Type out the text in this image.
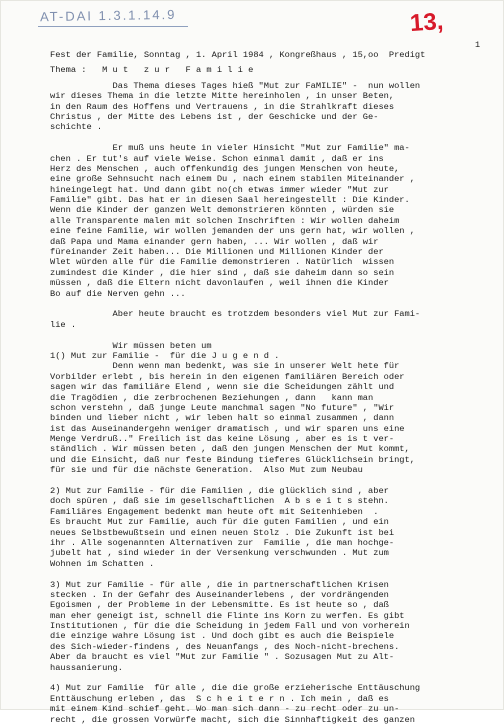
AT-DAI 1.3.1.14.9	13,
1
Fest der Familie, Sonntag , 1. April 1984 , Kongreßhaus , 15,oo  Predigt
Thema :   M u t   z u r   F a m i l i e
Das Thema dieses Tages hieß "Mut zur FaMILIE" -  nun wollen
wir dieses Thema in die letzte Mitte hereinholen , in unser Beten,
in den Raum des Hoffens und Vertrauens , in die Strahlkraft dieses
Christus , der Mitte des Lebens ist , der Geschicke und der Ge-
schichte .
Er muß uns heute in vieler Hinsicht "Mut zur Familie" ma-
chen . Er tut's auf viele Weise. Schon einmal damit , daß er ins
Herz des Menschen , auch offenkundig des jungen Menschen von heute,
eine große Sehnsucht nach einem Du , nach einem stabilen Miteinander ,
hineingelegt hat. Und dann gibt no(ch etwas immer wieder "Mut zur
Familie" gibt. Das hat er in diesen Saal hereingestellt : Die Kinder.
Wenn die Kinder der ganzen Welt demonstrieren könnten , würden sie
alle Transparente malen mit solchen Inschriften : Wir wollen daheim
eine feine Familie, wir wollen jemanden der uns gern hat, wir wollen ,
daß Papa und Mama einander gern haben, ... Wir wollen , daß wir
füreinander Zeit haben... Die Millionen und Millionen Kinder der
Wlet würden alle für die Familie demonstrieren . Natürlich  wissen
zumindest die Kinder , die hier sind , daß sie daheim dann so sein
müssen , daß die Eltern nicht davonlaufen , weil ihnen die Kinder
Bo auf die Nerven gehn ...
Aber heute braucht es trotzdem besonders viel Mut zur Fami-
lie .
Wir müssen beten um
1() Mut zur Familie -  für die J u g e n d .
Denn wenn man bedenkt, was sie in unserer Welt hete für
Vorbilder erlebt , bis herein in den eigenen familiären Bereich oder
sagen wir das familiäre Elend , wenn sie die Scheidungen zählt und
die Tragödien , die zerbrochenen Beziehungen , dann   kann man
schon verstehn , daß junge Leute manchmal sagen "No future" , "Wir
binden und lieber nicht , wir leben halt so einmal zusammen , dann
ist das Auseinandergehn weniger dramatisch , und wir sparen uns eine
Menge Verdruß.." Freilich ist das keine Lösung , aber es is t ver-
ständlich . Wir müssen beten , daß den jungen Menschen der Mut kommt,
und die Einsicht, daß nur feste Bindung tieferes Glücklichsein bringt,
für sie und für die nächste Generation.  Also Mut zum Neubau
2) Mut zur Familie - für die Familien , die glücklich sind , aber
doch spüren , daß sie im gesellschaftlichen  A b s e i t s stehn.
Familiäres Engagement bedenkt man heute oft mit Seitenhieben  .
Es braucht Mut zur Familie, auch für die guten Familien , und ein
neues Selbstbewußtsein und einen neuen Stolz . Die Zukunft ist bei
ihr . Alle sogenannten Alternativen zur  Familie , die man hochge-
jubelt hat , sind wieder in der Versenkung verschwunden . Mut zum
Wohnen im Schatten .
3) Mut zur Familie - für alle , die in partnerschaftlichen Krisen
stecken . In der Gefahr des Auseinanderlebens , der vordrängenden
Egoismen , der Probleme in der Lebensmitte. Es ist heute so , daß
man eher geneigt ist, schnell die Flinte ins Korn zu werfen. Es gibt
Institutionen , für die die Scheidung in jedem Fall und von vorherein
die einzige wahre Lösung ist . Und doch gibt es auch die Beispiele
des Sich-wieder-findens , des Neuanfangs , des Noch-nicht-brechens.
Aber da braucht es viel "Mut zur Familie " . Sozusagen Mut zu Alt-
haussanierung.
4) Mut zur Familie  für alle , die die große erzieherische Enttäuschung
Enttäuschung erleben , das  S c h e i t e r n . Ich mein , daß es
mit einem Kind schief geht. Wo man sich dann - zu recht oder zu un-
recht , die grossen Vorwürfe macht, sich die Sinnhaftigkeit des ganzen
